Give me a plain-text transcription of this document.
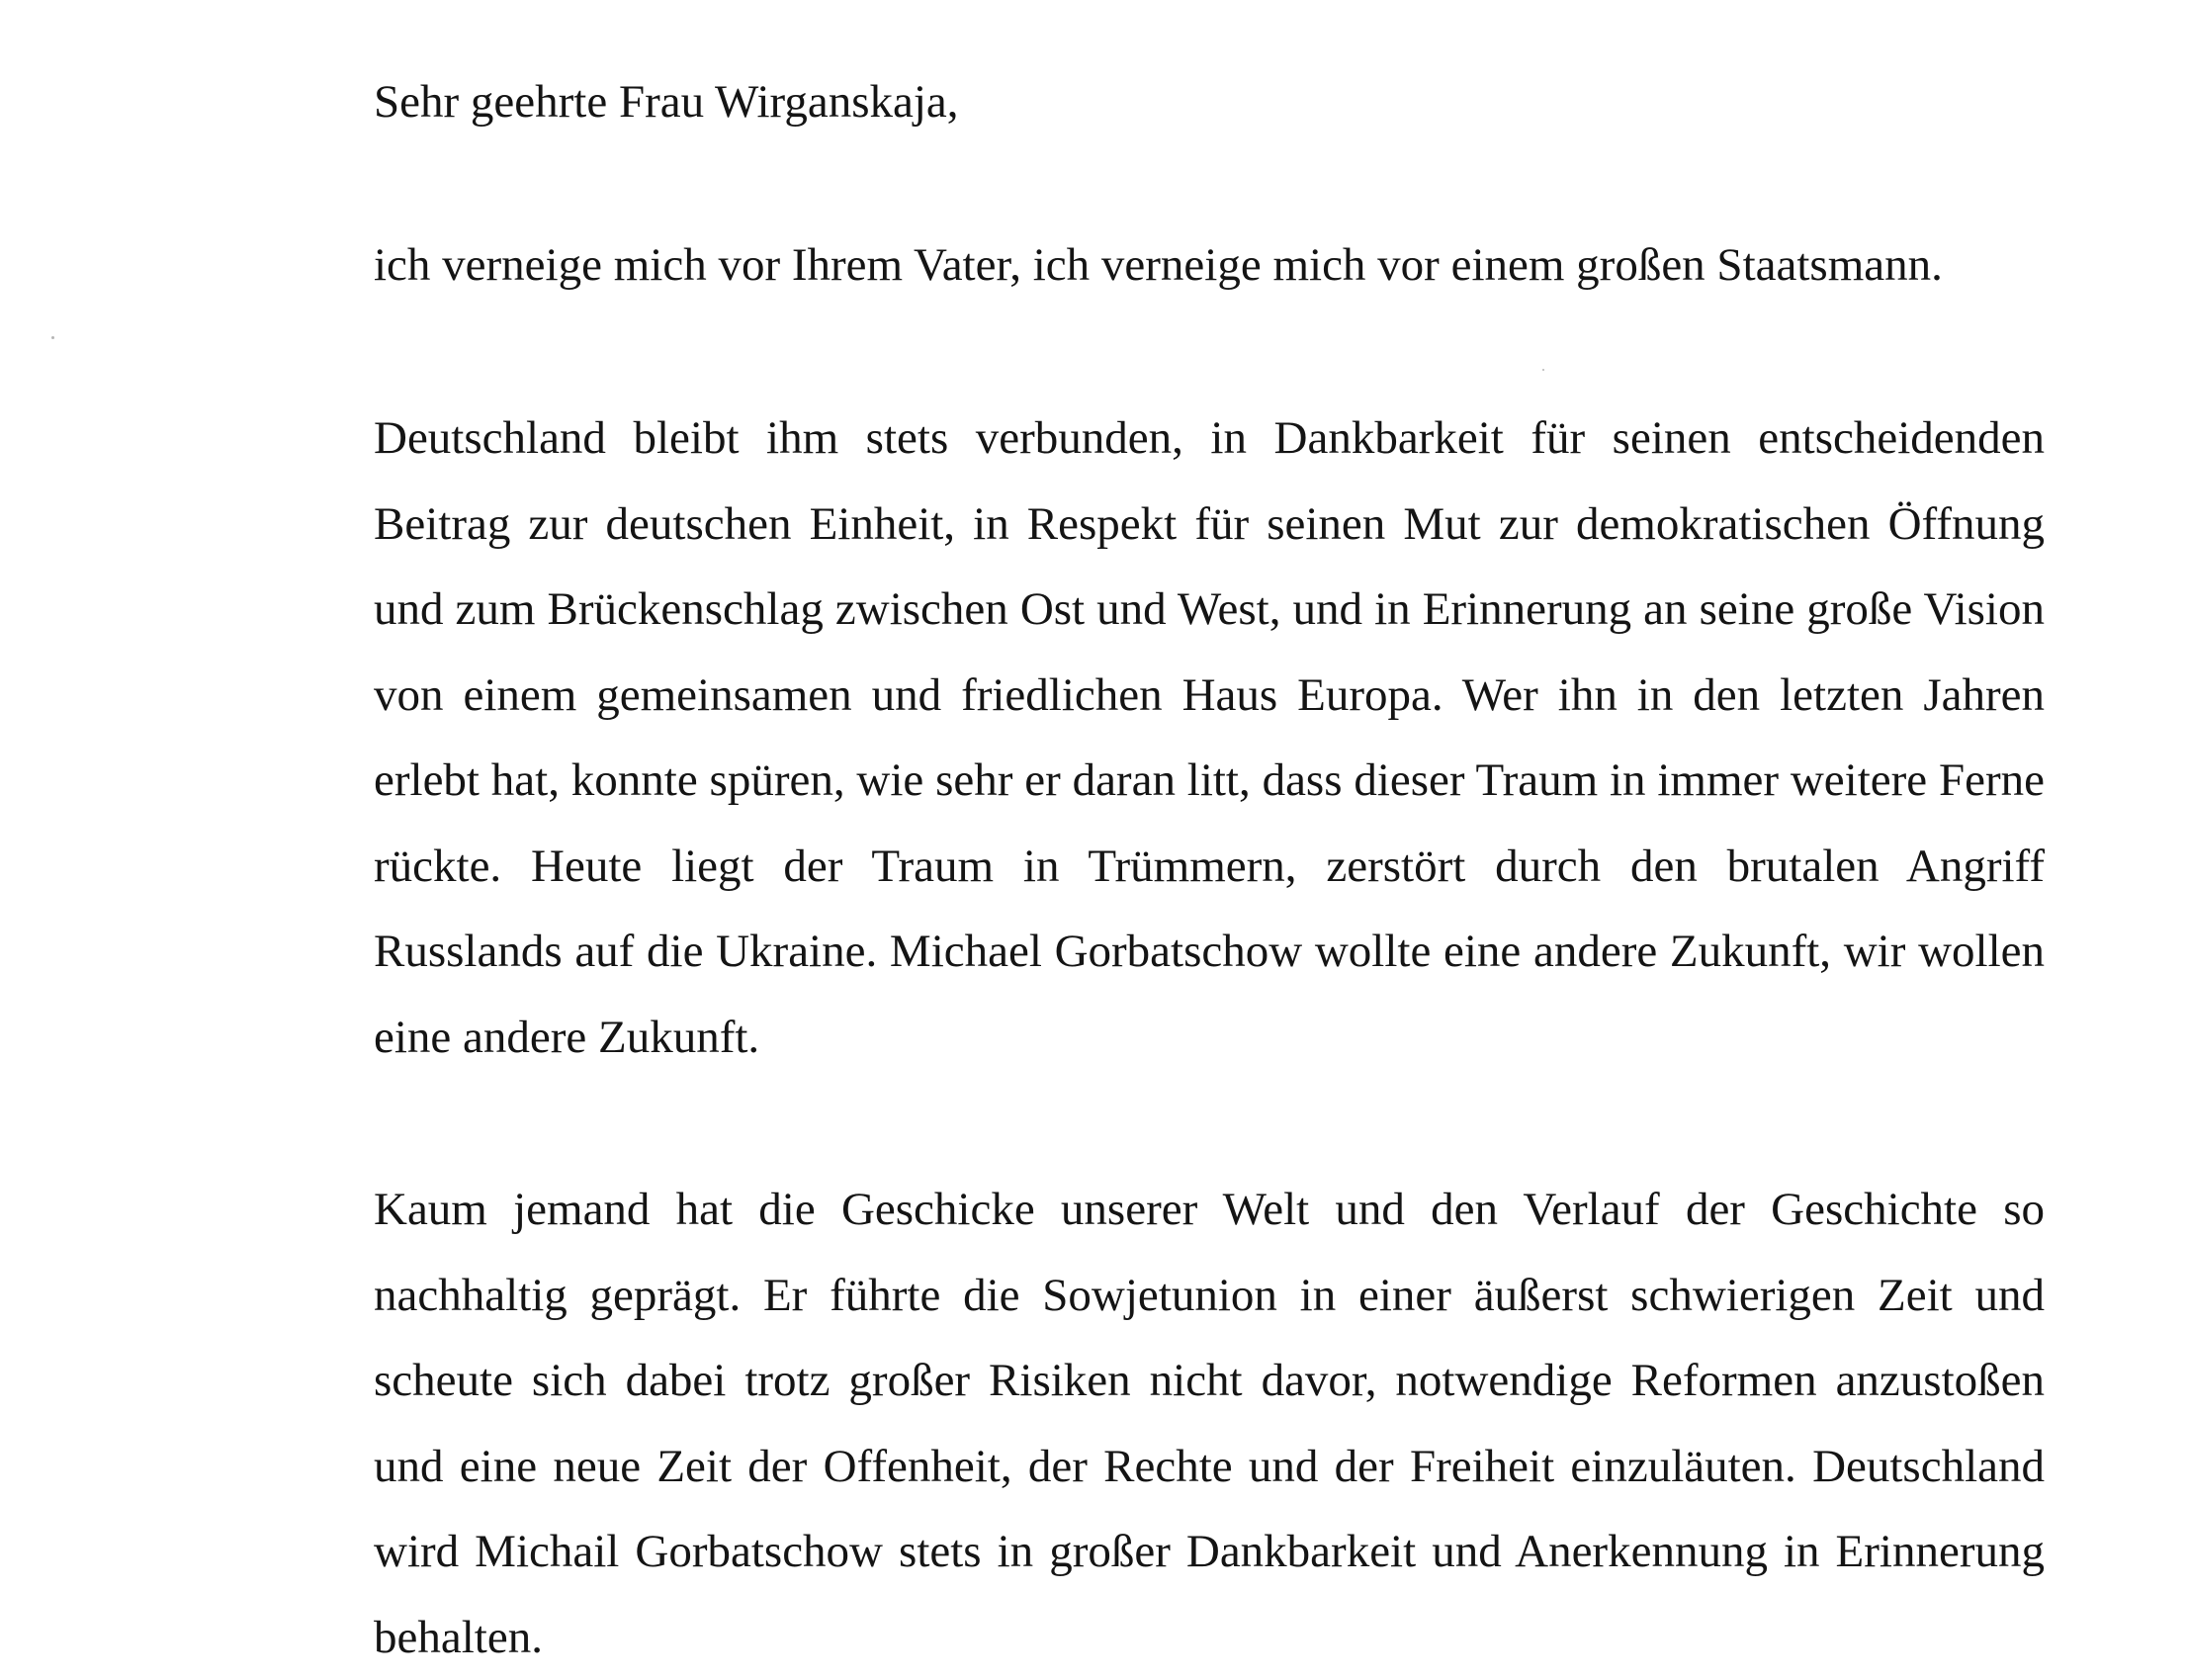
Sehr geehrte Frau Wirganskaja,

ich verneige mich vor Ihrem Vater, ich verneige mich vor einem großen Staatsmann.

Deutschland bleibt ihm stets verbunden, in Dankbarkeit für seinen entscheidenden Beitrag zur deutschen Einheit, in Respekt für seinen Mut zur demokratischen Öffnung und zum Brückenschlag zwischen Ost und West, und in Erinnerung an seine große Vision von einem gemeinsamen und friedlichen Haus Europa. Wer ihn in den letzten Jahren erlebt hat, konnte spüren, wie sehr er daran litt, dass dieser Traum in immer weitere Ferne rückte. Heute liegt der Traum in Trümmern, zerstört durch den brutalen Angriff Russlands auf die Ukraine. Michael Gorbatschow wollte eine andere Zukunft, wir wollen eine andere Zukunft.

Kaum jemand hat die Geschicke unserer Welt und den Verlauf der Geschichte so nachhaltig geprägt. Er führte die Sowjetunion in einer äußerst schwierigen Zeit und scheute sich dabei trotz großer Risiken nicht davor, notwendige Reformen anzustoßen und eine neue Zeit der Offenheit, der Rechte und der Freiheit einzuläuten. Deutschland wird Michail Gorbatschow stets in großer Dankbarkeit und Anerkennung in Erinnerung behalten.
